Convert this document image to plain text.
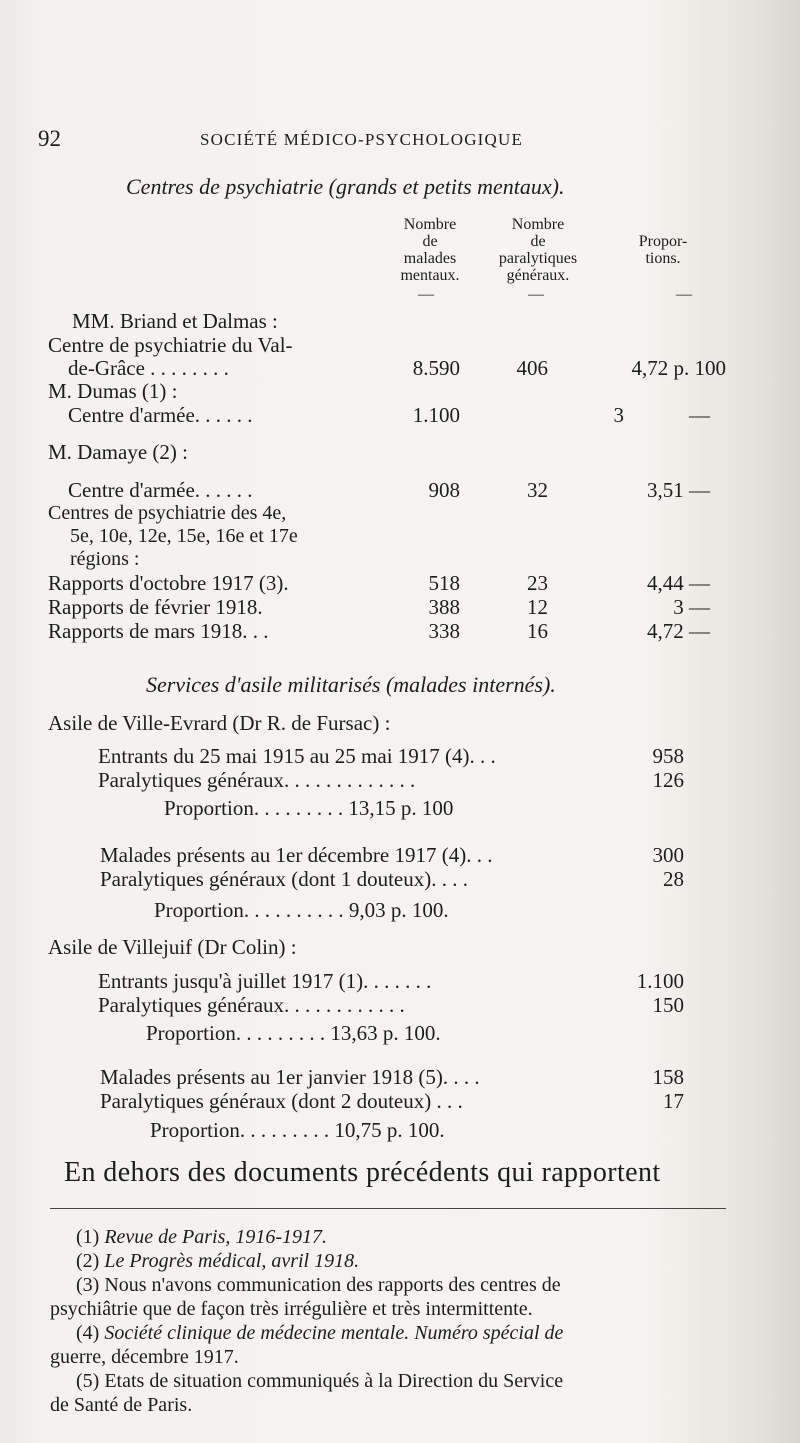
92	SOCIÉTÉ MÉDICO-PSYCHOLOGIQUE
Centres de psychiatrie (grands et petits mentaux).
Nombre
de
malades
mentaux.
Nombre
de
paralytiques
généraux.
Propor-
tions.
—	—	—
MM. Briand et Dalmas :
Centre de psychiatrie du Val-
de-Grâce . . . . . . . .	8.590	406	4,72 p. 100
M. Dumas (1) :
Centre d'armée. . . . . .	1.100	3	—
M. Damaye (2) :
Centre d'armée. . . . . .	908	32	3,51 —
Centres de psychiatrie des 4e,
5e, 10e, 12e, 15e, 16e et 17e
régions :
Rapports d'octobre 1917 (3).	518	23	4,44 —
Rapports de février 1918.	388	12	3 —
Rapports de mars 1918. . .	338	16	4,72 —
Services d'asile militarisés (malades internés).
Asile de Ville-Evrard (Dr R. de Fursac) :
Entrants du 25 mai 1915 au 25 mai 1917 (4). . .	958
Paralytiques généraux. . . . . . . . . . . . .	126
Proportion. . . . . . . . . 13,15 p. 100
Malades présents au 1er décembre 1917 (4). . .	300
Paralytiques généraux (dont 1 douteux). . . .	28
Proportion. . . . . . . . . . 9,03 p. 100.
Asile de Villejuif (Dr Colin) :
Entrants jusqu'à juillet 1917 (1). . . . . . .	1.100
Paralytiques généraux. . . . . . . . . . . .	150
Proportion. . . . . . . . . 13,63 p. 100.
Malades présents au 1er janvier 1918 (5). . . .	158
Paralytiques généraux (dont 2 douteux) . . .	17
Proportion. . . . . . . . . 10,75 p. 100.
En dehors des documents précédents qui rapportent
(1) Revue de Paris, 1916-1917.
(2) Le Progrès médical, avril 1918.
(3) Nous n'avons communication des rapports des centres de
psychiâtrie que de façon très irrégulière et très intermittente.
(4) Société clinique de médecine mentale. Numéro spécial de
guerre, décembre 1917.
(5) Etats de situation communiqués à la Direction du Service
de Santé de Paris.
